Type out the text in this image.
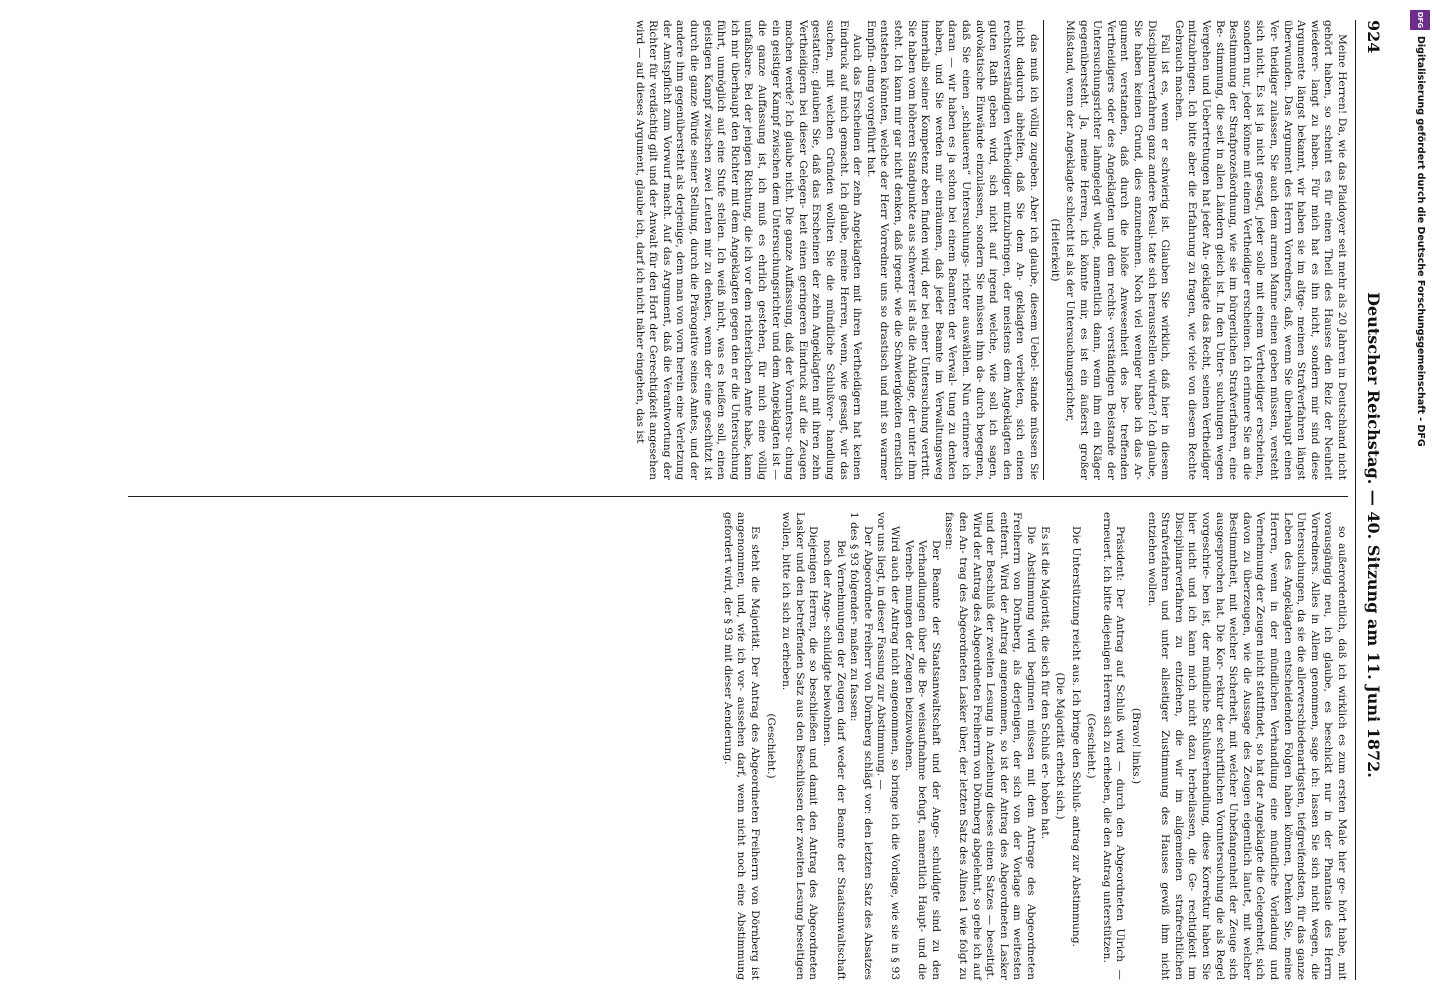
DFG
Digitalisierung gefördert durch die Deutsche Forschungsgemeinschaft - DFG
924
Deutscher Reichstag. — 40. Sitzung am 11. Juni 1872.

Meine Herren! Da, wie das Plaidoyer seit mehr als 20 Jahren in Deutschland nicht gehört haben, so scheint es für einen Theil des Hauses den Reiz der Neuheit wiederer- langt zu haben. Für mich hat es ihn nicht, sondern mir sind diese Argumente längst bekannt, wir haben sie im altge- meinen Strafverfahren längst überwunden. Das Argument des Herrn Vorredners, daß, wenn Sie überhaupt einen Ver- theidiger zulassen, Sie auch dem armen Manne einen geben müssen, versteht sich nicht. Es ist ja nicht gesagt, jeder solle mit einem Vertheidiger erscheinen, sondern nur, jeder könne mit einem Vertheidiger erscheinen. Ich erinnere Sie an die Bestimmung der Strafprozeßordnung, wie sie im bürgerlichen Strafverfahren, eine Be- stimmung, die seit in allen Ländern gleich ist. In den Unter- suchungen wegen Vergehen und Uebertretungen hat jeder An- geklagte das Recht, seinen Vertheidiger mitzubringen. Ich bitte aber die Erfahrung zu fragen, wie viele von diesem Rechte Gebrauch machen.

Fall ist es, wenn er schwierig ist. Glauben Sie wirklich, daß hier in diesem Disciplinarverfahren ganz andere Resul- tate sich herausstellen würden? Ich glaube, Sie haben keinen Grund, dies anzunehmen. Noch viel weniger habe ich das Ar- gument verstanden, daß durch die bloße Anwesenheit des be- treffenden Vertheidigers oder des Angeklagten und dem rechts- verständigen Beistande der Untersuchungsrichter lahmgelegt würde, namentlich dann, wenn ihm ein Kläger gegenübersteht. Ja, meine Herren, ich könnte mir, es ist ein äußerst großer Mißstand, wenn der Angeklagte schlecht ist als der Untersuchungsrichter,

(Heiterkeit)

das muß ich völlig zugeben. Aber ich glaube, diesem Uebel- stande müssen Sie nicht dadurch abhelfen, daß Sie dem An- geklagten verbieten, sich einen rechtsverständigen Vertheidiger mitzubringen, der meistens dem Angeklagten den guten Rath geben wird, sich nicht auf irgend welche, wie soll ich sagen, advokatische Einwände einzulassen, sondern Sie müssen ihm da- durch begegnen, daß Sie einen „schlaueren“ Untersuchungs- richter auswählen. Nun erinnere ich daran — wir haben es ja schon bei einem Beamten der Verwal- tung zu denken haben, und Sie werden mir einräumen, daß jeder Beamte im Verwaltungsweg innerhalb seiner Kompetenz eben finden wird, der bei einer Untersuchung vertritt. Sie haben vom höheren Standpunkte aus schwerer ist als die Anklage, der unter ihm steht. Ich kann mir gar nicht denken, daß irgend- wie die Schwierigkeiten ernstlich entstehen könnten, welche der Herr Vorredner uns so drastisch und mit so warmer Empfin- dung vorgeführt hat.

Auch das Erscheinen der zehn Angeklagten mit ihren Vertheidigern hat keinen Eindruck auf mich gemacht. Ich glaube, meine Herren, wenn, wie gesagt, wir das suchen, mit welchen Gründen wollten Sie die mündliche Schlußver- handlung gestatten; glauben Sie, daß das Erscheinen der zehn Angeklagten mit ihren zehn Vertheidigern bei dieser Gelegen- heit einen geringeren Eindruck auf die Zeugen machen werde? Ich glaube nicht. Die ganze Auffassung, daß der Voruntersu- chung ein geistiger Kampf zwischen dem Untersuchungsrichter und dem Angeklagten ist — die ganze Auffassung ist, ich muß es ehrlich gestehen, für mich eine völlig unfaßbare. Bei der jenigen Richtung, die ich vor dem richterlichen Amte habe, kann ich mir überhaupt den Richter mit dem Angeklagten gegen den er die Untersuchung führt, unmöglich auf eine Stufe stellen. Ich weiß nicht, was es heißen soll, einen geistigen Kampf zwischen zwei Leuten mir zu denken, wenn der eine geschützt ist durch die ganze Würde seiner Stellung, durch die Prärogative seines Amtes, und der andere ihm gegenübersteht als derjenige, dem man von vorn herein eine Verletzung der Amtspflicht zum Vorwurf macht. Auf das Argument, daß die Verantwortung der Richter für verdächtig gilt und der Anwalt für den Hort der Gerechtigkeit angesehen wird — auf dieses Argument, glaube ich, darf ich nicht näher eingehen, das ist

so außerordentlich, daß ich wirklich es zum ersten Male hier ge- hört habe, mit vorausgängig neu, ich glaube, es beschickt nur in der Phantasie des Herrn Vorredners. Alles in Allem genommen, sage ich: lassen Sie sich nicht wegen, die Untersuchungen, da sie die allerverschiedenartigsten, tiefgreifendsten, für das ganze Leben des Angeklagten entscheidenden Folgen haben können, Denken Sie, meine Herren, wenn in der mündlichen Verhandlung eine mündliche Vorladung und Vernehmung der Zeugen nicht stattfindet, so hat der Angeklagte die Gelegenheit, sich davon zu überzeugen, wie die Aussage des Zeugen eigentlich lautet, mit welcher Bestimmtheit, mit welcher Sicherheit, mit welcher Unbefangenheit der Zeuge sich ausgesprochen hat. Die Kor- rektur der schriftlichen Voruntersuchung die als Regel vorgeschrie- ben ist, der mündliche Schlußverhandlung, diese Korrektur haben Sie hier nicht und ich kann mich nicht dazu herbeilassen, die Ge- rechtigkeit im Disciplinarverfahren zu entziehen, die wir im allgemeinen strafrechtlichen Strafverfahren und unter allseitiger Zustimmung des Hauses gewiß ihm nicht entziehen wollen.

(Bravo! links.)

Präsident: Der Antrag auf Schluß wird — durch den Abgeordneten Ulrich — erneuert. Ich bitte diejenigen Herren sich zu erheben, die den Antrag unterstützen.

(Geschieht.)

Die Unterstützung reicht aus. Ich bringe den Schluß- antrag zur Abstimmung.

(Die Majorität erhebt sich.)

Es ist die Majorität, die sich für den Schluß er- hoben hat.

Die Abstimmung wird beginnen müssen mit dem Antrage des Abgeordneten Freiherrn von Dörnberg, als derjenigen, der sich von der Vorlage am weitesten entfernt. Wird der Antrag angenommen, so ist der Antrag des Abgeordneten Lasker und der Beschluß der zweiten Lesung in Anziehung dieses einen Satzes — beseitigt. Wird der Antrag des Abgeordneten Freiherrn von Dörnberg abgelehnt, so gehe ich auf den An- trag des Abgeordneten Lasker über, der letzten Satz des Alinea 1 wie folgt zu fassen:

Der Beamte der Staatsanwaltschaft und der Ange- schuldigte sind zu den Verhandlungen über die Be- weisaufnahme befugt, namentlich Haupt- und die Verneh- mungen der Zeugen beizuwohnen.

Wird auch der Antrag nicht angenommen, so bringe ich die Vorlage, wie sie in § 93 vor uns liegt, in dieser Fassung zur Abstimmung. —

Der Abgeordnete Freiherr von Dörnberg schlägt vor: den letzten Satz des Absatzes 1 des § 93 folgender- maßen zu fassen:

Bei Vernehmungen der Zeugen darf weder der Beamte der Staatsanwaltschaft noch der Ange- schuldigte beiwohnen.

Diejenigen Herren, die so beschließen und damit den Antrag des Abgeordneten Lasker und den betreffenden Satz aus den Beschlüssen der zweiten Lesung beseitigen wollen, bitte ich sich zu erheben.

(Geschieht.)

Es steht die Majorität. Der Antrag des Abgeordneten Freiherrn von Dörnberg ist angenommen, und, wie ich vor- aussehen darf, wenn nicht noch eine Abstimmung gefordert wird, der § 93 mit dieser Aenderung.
